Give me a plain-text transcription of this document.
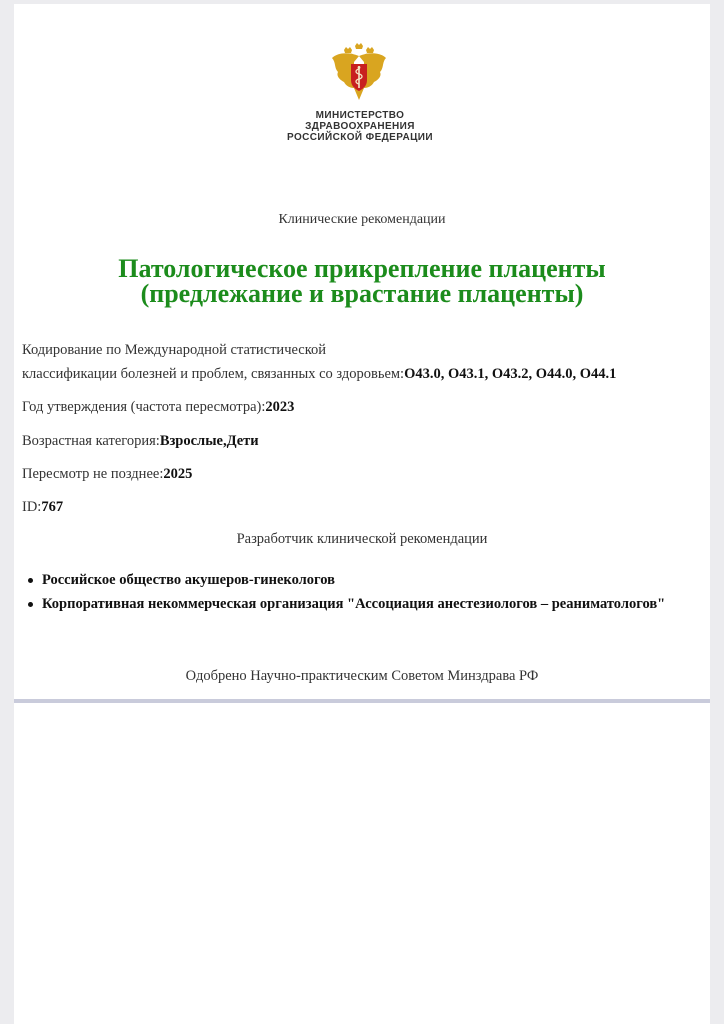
МИНИСТЕРСТВО
ЗДРАВООХРАНЕНИЯ
РОССИЙСКОЙ ФЕДЕРАЦИИ
Клинические рекомендации
Патологическое прикрепление плаценты
(предлежание и врастание плаценты)
Кодирование по Международной статистической
классификации болезней и проблем, связанных со здоровьем:O43.0, O43.1, O43.2, O44.0, O44.1
Год утверждения (частота пересмотра):2023
Возрастная категория:Взрослые,Дети
Пересмотр не позднее:2025
ID:767
Разработчик клинической рекомендации
Российское общество акушеров-гинекологов
Корпоративная некоммерческая организация "Ассоциация анестезиологов – реаниматологов"
Одобрено Научно-практическим Советом Минздрава РФ
